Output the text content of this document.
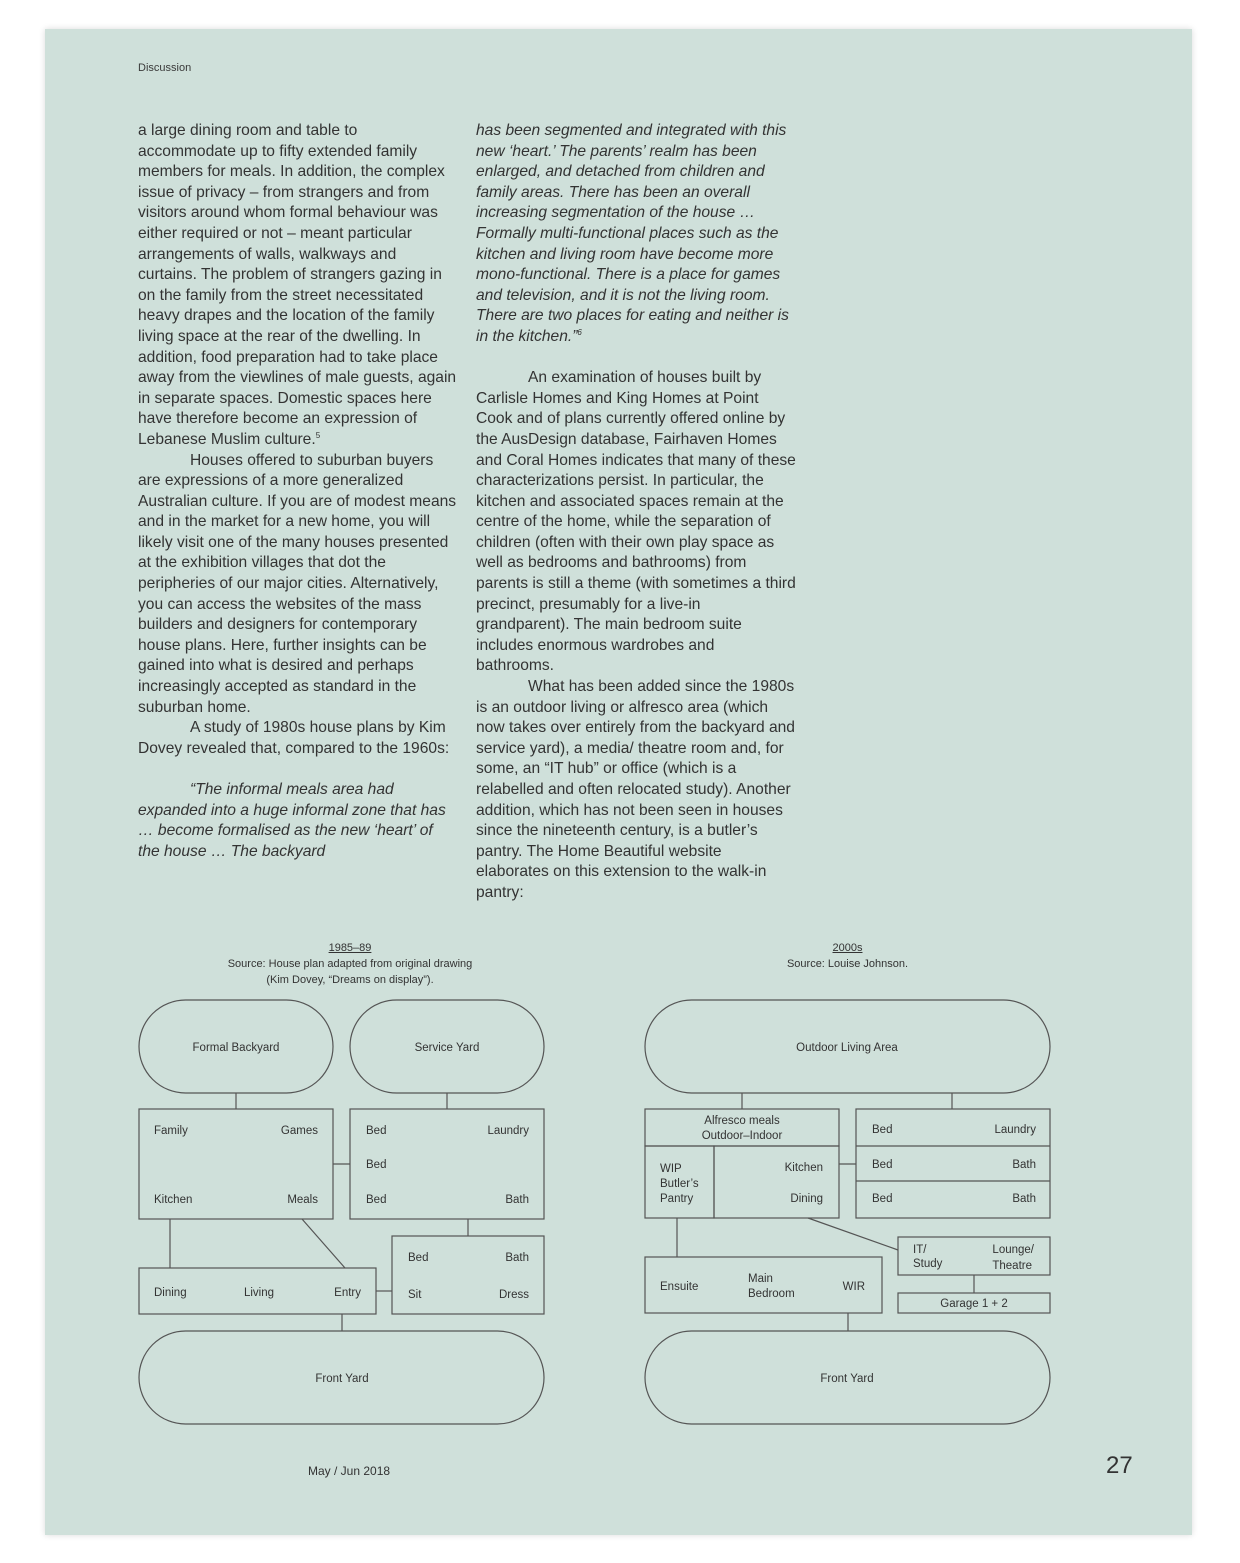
Discussion

a large dining room and table to accommodate up to fifty extended family members for meals. In addition, the complex issue of privacy – from strangers and from visitors around whom formal behaviour was either required or not – meant particular arrangements of walls, walkways and curtains. The problem of strangers gazing in on the family from the street necessitated heavy drapes and the location of the family living space at the rear of the dwelling. In addition, food preparation had to take place away from the viewlines of male guests, again in separate spaces. Domestic spaces here have therefore become an expression of Lebanese Muslim culture.$^5$

Houses offered to suburban buyers are expressions of a more generalized Australian culture. If you are of modest means and in the market for a new home, you will likely visit one of the many houses presented at the exhibition villages that dot the peripheries of our major cities. Alternatively, you can access the websites of the mass builders and designers for contemporary house plans. Here, further insights can be gained into what is desired and perhaps increasingly accepted as standard in the suburban home.

A study of 1980s house plans by Kim Dovey revealed that, compared to the 1960s:

“The informal meals area had expanded into a huge informal zone that has … become formalised as the new ‘heart’ of the house … The backyard

has been segmented and integrated with this new ‘heart.’ The parents’ realm has been enlarged, and detached from children and family areas. There has been an overall increasing segmentation of the house … Formally multi-functional places such as the kitchen and living room have become more mono-functional. There is a place for games and television, and it is not the living room. There are two places for eating and neither is in the kitchen.”$^6$

An examination of houses built by Carlisle Homes and King Homes at Point Cook and of plans currently offered online by the AusDesign database, Fairhaven Homes and Coral Homes indicates that many of these characterizations persist. In particular, the kitchen and associated spaces remain at the centre of the home, while the separation of children (often with their own play space as well as bedrooms and bathrooms) from parents is still a theme (with sometimes a third precinct, presumably for a live-in grandparent). The main bedroom suite includes enormous wardrobes and bathrooms.

What has been added since the 1980s is an outdoor living or alfresco area (which now takes over entirely from the backyard and service yard), a media/ theatre room and, for some, an “IT hub” or office (which is a relabelled and often relocated study). Another addition, which has not been seen in houses since the nineteenth century, is a butler’s pantry. The Home Beautiful website elaborates on this extension to the walk-in pantry:

1985–89
Source: House plan adapted from original drawing
(Kim Dovey, “Dreams on display”).
2000s
Source: Louise Johnson.
Formal Backyard	Service Yard
Family	Games
Kitchen	Meals
Bed
Bed
Bed
Laundry
Bath
Bed	Bath
Sit	Dress
Dining	Living	Entry
Front Yard
Outdoor Living Area
Alfresco meals
Outdoor–Indoor
WIP
Butler’s
Pantry
Kitchen
Dining
Bed
Bed
Bed
Laundry
Bath
Bath
IT/
Study
Lounge/
Theatre
Garage 1 + 2
Ensuite
Main
Bedroom
WIR
Front Yard
May / Jun 2018	27
